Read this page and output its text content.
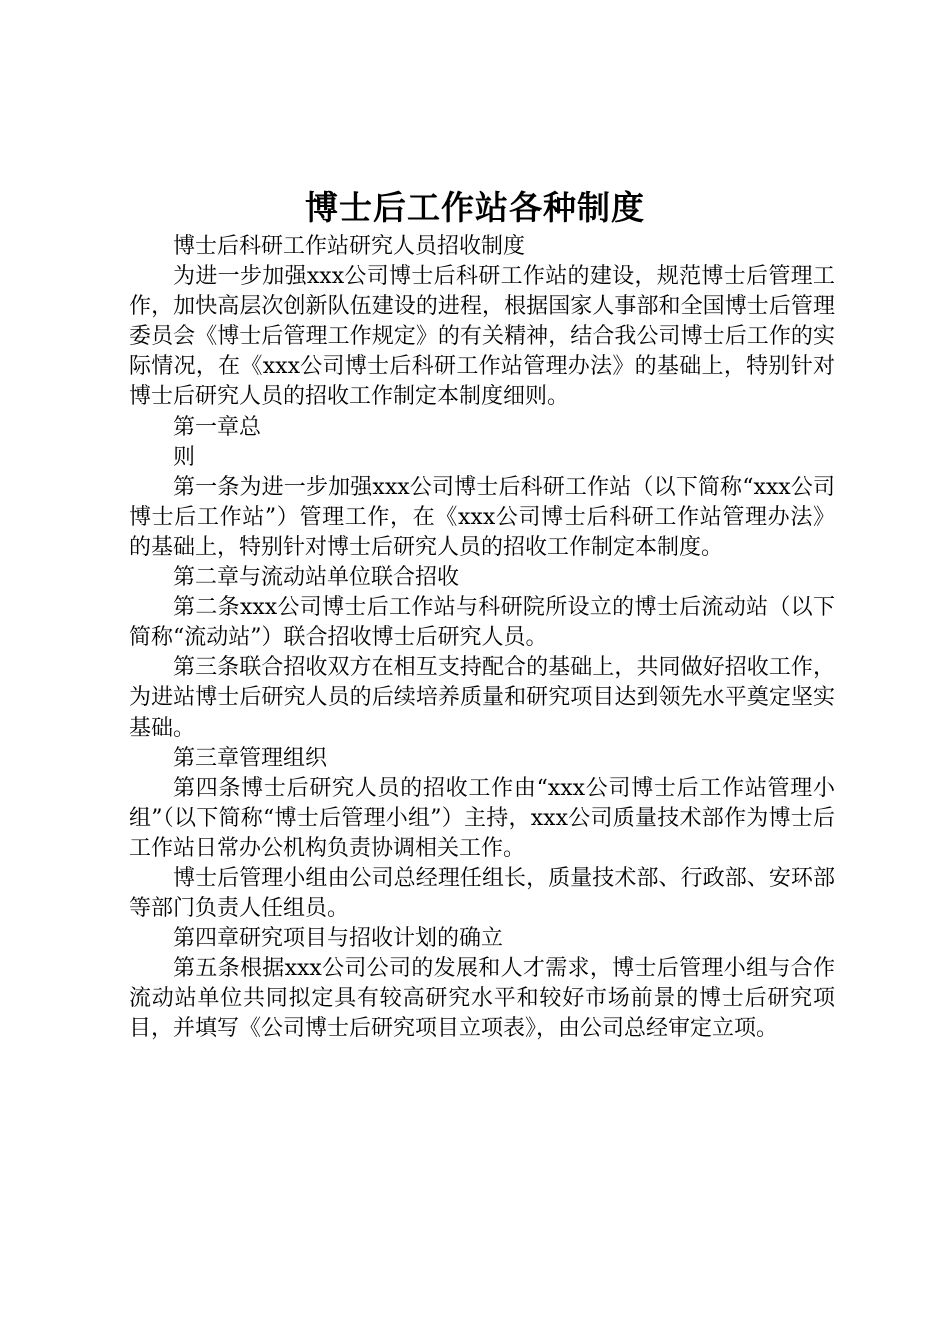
博士后工作站各种制度

博士后科研工作站研究人员招收制度

为进一步加强xxx公司博士后科研工作站的建设，规范博士后管理工作，加快高层次创新队伍建设的进程，根据国家人事部和全国博士后管理委员会《博士后管理工作规定》的有关精神，结合我公司博士后工作的实际情况，在《xxx公司博士后科研工作站管理办法》的基础上，特别针对博士后研究人员的招收工作制定本制度细则。

第一章总

则

第一条为进一步加强xxx公司博士后科研工作站（以下简称“xxx公司博士后工作站”）管理工作，在《xxx公司博士后科研工作站管理办法》的基础上，特别针对博士后研究人员的招收工作制定本制度。

第二章与流动站单位联合招收

第二条xxx公司博士后工作站与科研院所设立的博士后流动站（以下简称“流动站”）联合招收博士后研究人员。

第三条联合招收双方在相互支持配合的基础上，共同做好招收工作，为进站博士后研究人员的后续培养质量和研究项目达到领先水平奠定坚实基础。

第三章管理组织

第四条博士后研究人员的招收工作由“xxx公司博士后工作站管理小组”（以下简称“博士后管理小组”）主持，xxx公司质量技术部作为博士后工作站日常办公机构负责协调相关工作。

博士后管理小组由公司总经理任组长，质量技术部、行政部、安环部等部门负责人任组员。

第四章研究项目与招收计划的确立

第五条根据xxx公司公司的发展和人才需求，博士后管理小组与合作流动站单位共同拟定具有较高研究水平和较好市场前景的博士后研究项目，并填写《公司博士后研究项目立项表》，由公司总经审定立项。
